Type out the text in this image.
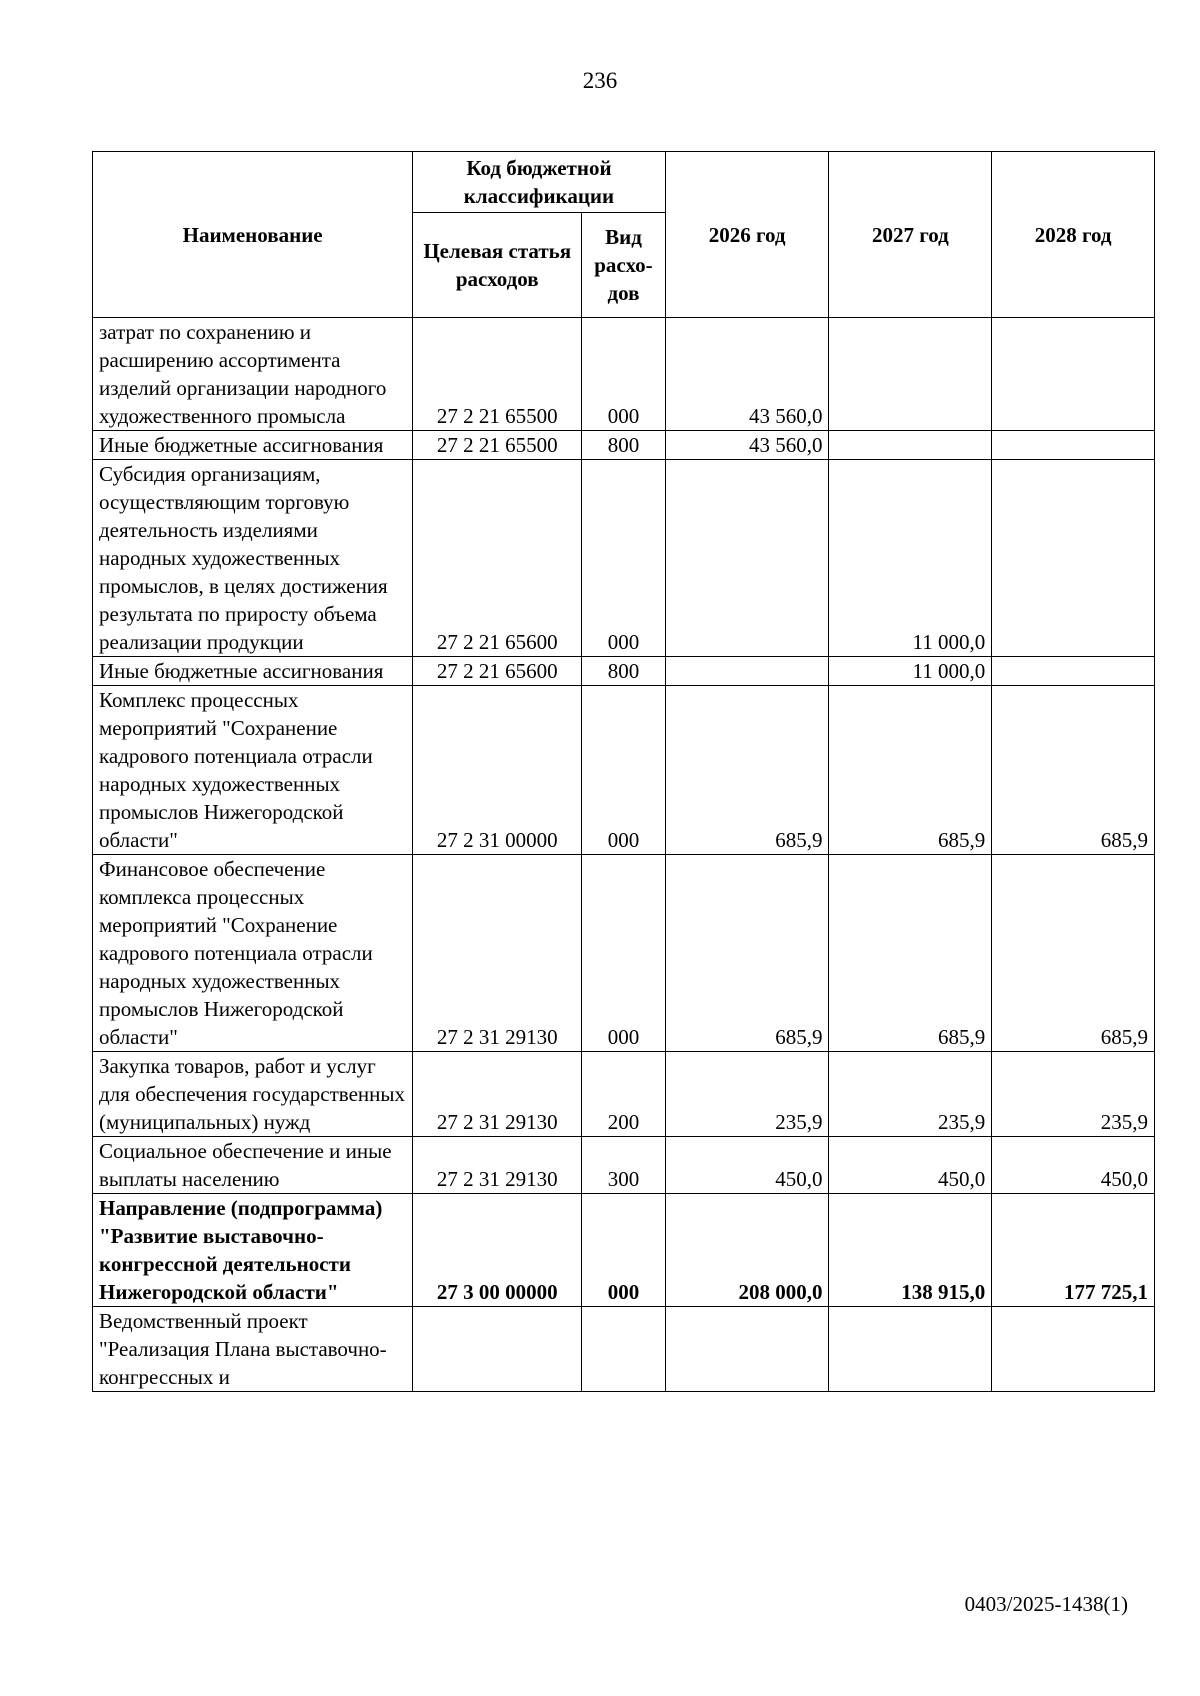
236
Наименование	Код бюджетной классификации		2026 год	2027 год	2028 год
	Целевая статья расходов	Вид расхо-дов			
затрат по сохранению и расширению ассортимента изделий организации народного художественного промысла	27 2 21 65500	000	43 560,0		
Иные бюджетные ассигнования	27 2 21 65500	800	43 560,0		
Субсидия организациям, осуществляющим торговую деятельность изделиями народных художественных промыслов, в целях достижения результата по приросту объема реализации продукции	27 2 21 65600	000		11 000,0	
Иные бюджетные ассигнования	27 2 21 65600	800		11 000,0	
Комплекс процессных мероприятий "Сохранение кадрового потенциала отрасли народных художественных промыслов Нижегородской области"	27 2 31 00000	000	685,9	685,9	685,9
Финансовое обеспечение комплекса процессных мероприятий "Сохранение кадрового потенциала отрасли народных художественных промыслов Нижегородской области"	27 2 31 29130	000	685,9	685,9	685,9
Закупка товаров, работ и услуг для обеспечения государственных (муниципальных) нужд	27 2 31 29130	200	235,9	235,9	235,9
Социальное обеспечение и иные выплаты населению	27 2 31 29130	300	450,0	450,0	450,0
Направление (подпрограмма) "Развитие выставочно-конгрессной деятельности Нижегородской области"	27 3 00 00000	000	208 000,0	138 915,0	177 725,1
Ведомственный проект "Реализация Плана выставочно-конгрессных и					
0403/2025-1438(1)
